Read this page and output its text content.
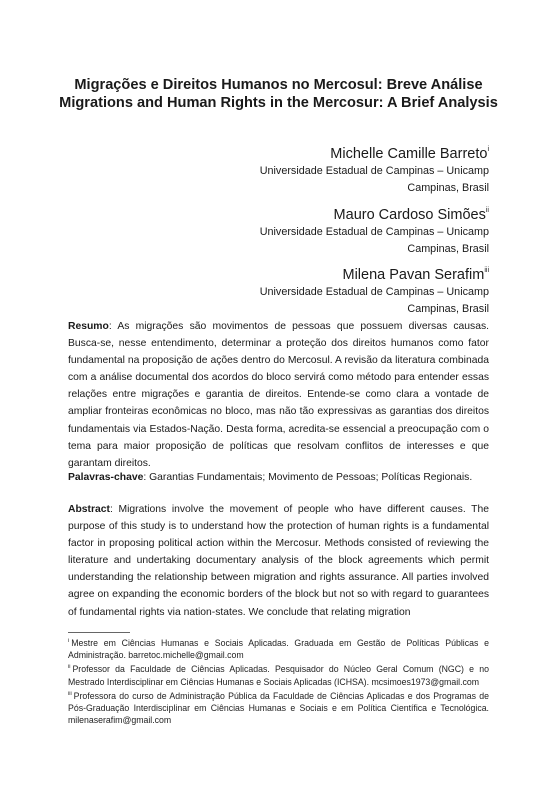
Migrações e Direitos Humanos no Mercosul: Breve Análise
Migrations and Human Rights in the Mercosur: A Brief Analysis
Michelle Camille Barreto$^i$
Universidade Estadual de Campinas – Unicamp
Campinas, Brasil
Mauro Cardoso Simões$^{ii}$
Universidade Estadual de Campinas – Unicamp
Campinas, Brasil
Milena Pavan Serafim$^{iii}$
Universidade Estadual de Campinas – Unicamp
Campinas, Brasil

Resumo: As migrações são movimentos de pessoas que possuem diversas causas. Busca-se, nesse entendimento, determinar a proteção dos direitos humanos como fator fundamental na proposição de ações dentro do Mercosul. A revisão da literatura combinada com a análise documental dos acordos do bloco servirá como método para entender essas relações entre migrações e garantia de direitos. Entende-se como clara a vontade de ampliar fronteiras econômicas no bloco, mas não tão expressivas as garantias dos direitos fundamentais via Estados-Nação. Desta forma, acredita-se essencial a preocupação com o tema para maior proposição de políticas que resolvam conflitos de interesses e que garantam direitos.

Palavras-chave: Garantias Fundamentais; Movimento de Pessoas; Políticas Regionais.

Abstract: Migrations involve the movement of people who have different causes. The purpose of this study is to understand how the protection of human rights is a fundamental factor in proposing political action within the Mercosur. Methods consisted of reviewing the literature and undertaking documentary analysis of the block agreements which permit understanding the relationship between migration and rights assurance. All parties involved agree on expanding the economic borders of the block but not so with regard to guarantees of fundamental rights via nation-states. We conclude that relating migration

$^i$ Mestre em Ciências Humanas e Sociais Aplicadas. Graduada em Gestão de Políticas Públicas e Administração. barretoc.michelle@gmail.com

$^{ii}$ Professor da Faculdade de Ciências Aplicadas. Pesquisador do Núcleo Geral Comum (NGC) e no Mestrado Interdisciplinar em Ciências Humanas e Sociais Aplicadas (ICHSA). mcsimoes1973@gmail.com

$^{iii}$ Professora do curso de Administração Pública da Faculdade de Ciências Aplicadas e dos Programas de Pós-Graduação Interdisciplinar em Ciências Humanas e Sociais e em Política Científica e Tecnológica. milenaserafim@gmail.com
